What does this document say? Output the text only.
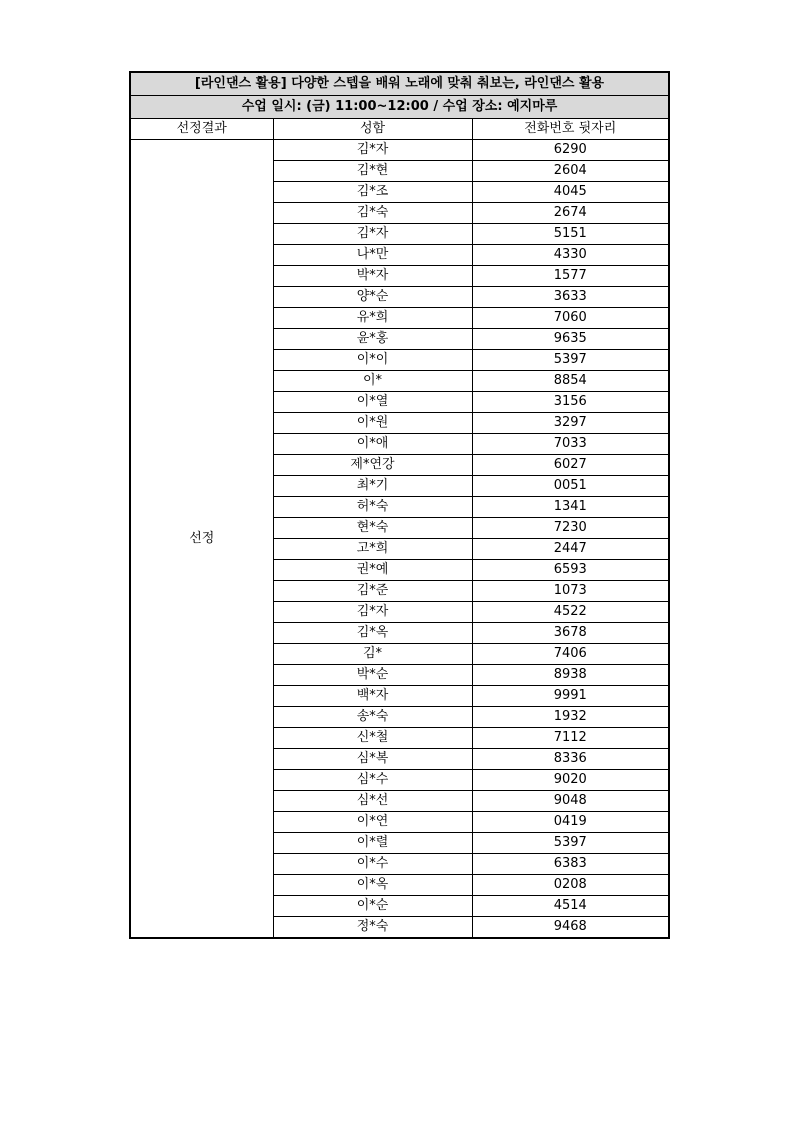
[라인댄스 활용] 다양한 스텝을 배워 노래에 맞춰 춰보는, 라인댄스 활용		
수업 일시: (금) 11:00~12:00 / 수업 장소: 예지마루		
선정결과	성함	전화번호 뒷자리
선정	김*자	6290
	김*현	2604
	김*조	4045
	김*숙	2674
	김*자	5151
	나*만	4330
	박*자	1577
	양*순	3633
	유*희	7060
	윤*홍	9635
	이*이	5397
	이*	8854
	이*열	3156
	이*원	3297
	이*애	7033
	제*연강	6027
	최*기	0051
	허*숙	1341
	현*숙	7230
	고*희	2447
	권*예	6593
	김*준	1073
	김*자	4522
	김*옥	3678
	김*	7406
	박*순	8938
	백*자	9991
	송*숙	1932
	신*철	7112
	심*복	8336
	심*수	9020
	심*선	9048
	이*연	0419
	이*렬	5397
	이*수	6383
	이*옥	0208
	이*순	4514
	정*숙	9468
